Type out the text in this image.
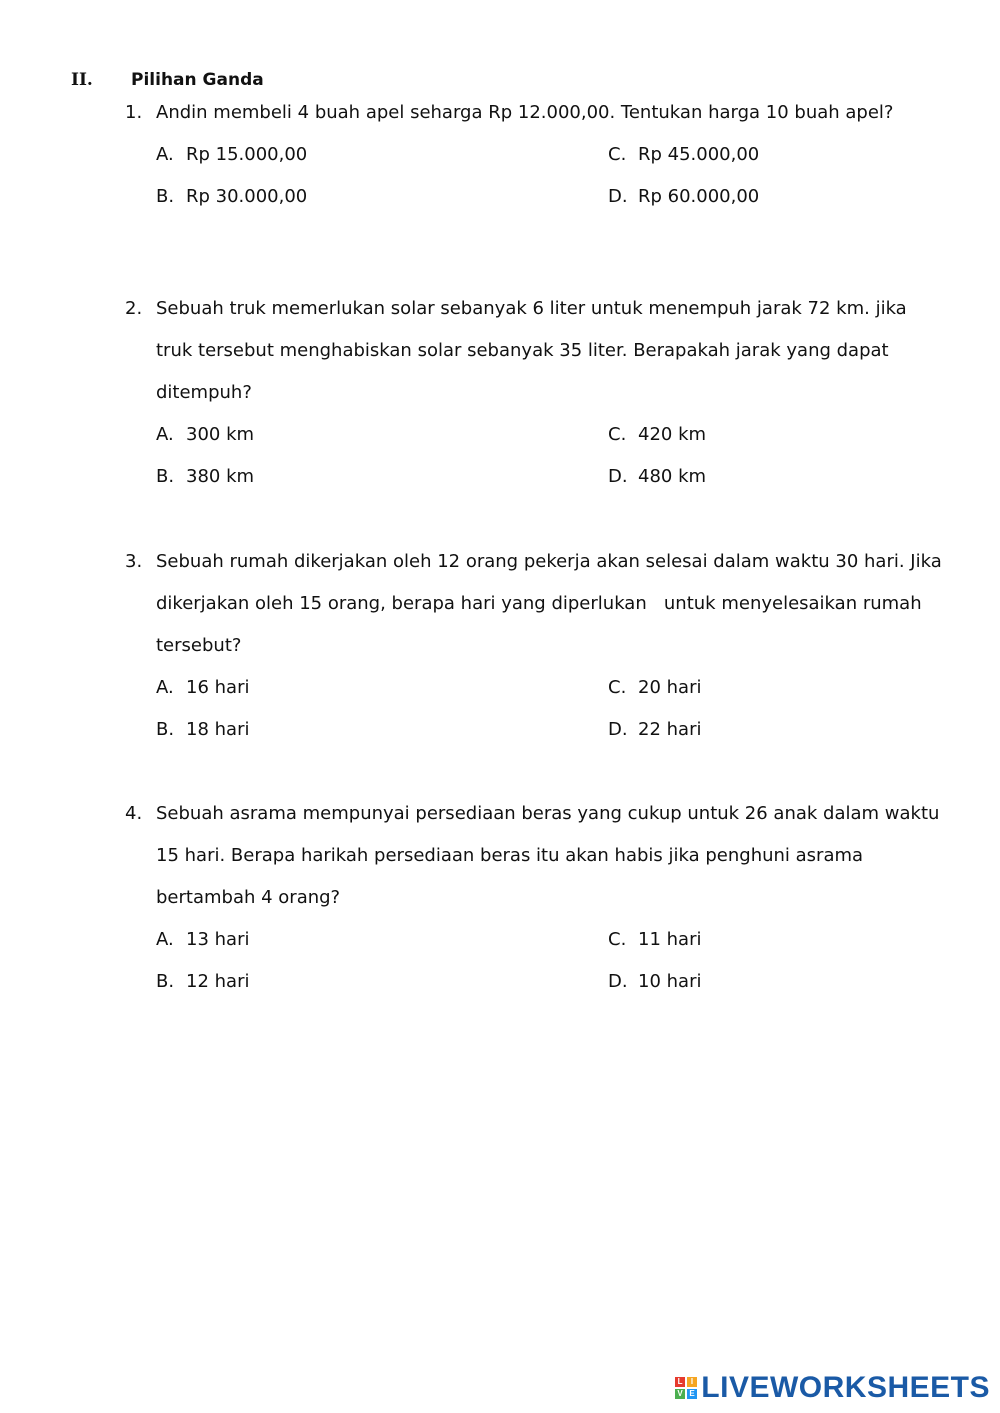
II. Pilihan Ganda
1. Andin membeli 4 buah apel seharga Rp 12.000,00. Tentukan harga 10 buah apel?
A. Rp 15.000,00
B. Rp 30.000,00
C. Rp 45.000,00
D. Rp 60.000,00
2. Sebuah truk memerlukan solar sebanyak 6 liter untuk menempuh jarak 72 km. jika truk tersebut menghabiskan solar sebanyak 35 liter. Berapakah jarak yang dapat ditempuh?
A. 300 km
B. 380 km
C. 420 km
D. 480 km
3. Sebuah rumah dikerjakan oleh 12 orang pekerja akan selesai dalam waktu 30 hari. Jika dikerjakan oleh 15 orang, berapa hari yang diperlukan   untuk menyelesaikan rumah tersebut?
A. 16 hari
B. 18 hari
C. 20 hari
D. 22 hari
4. Sebuah asrama mempunyai persediaan beras yang cukup untuk 26 anak dalam waktu 15 hari. Berapa harikah persediaan beras itu akan habis jika penghuni asrama bertambah 4 orang?
A. 13 hari
B. 12 hari
C. 11 hari
D. 10 hari
L I
V E LIVEWORKSHEETS
